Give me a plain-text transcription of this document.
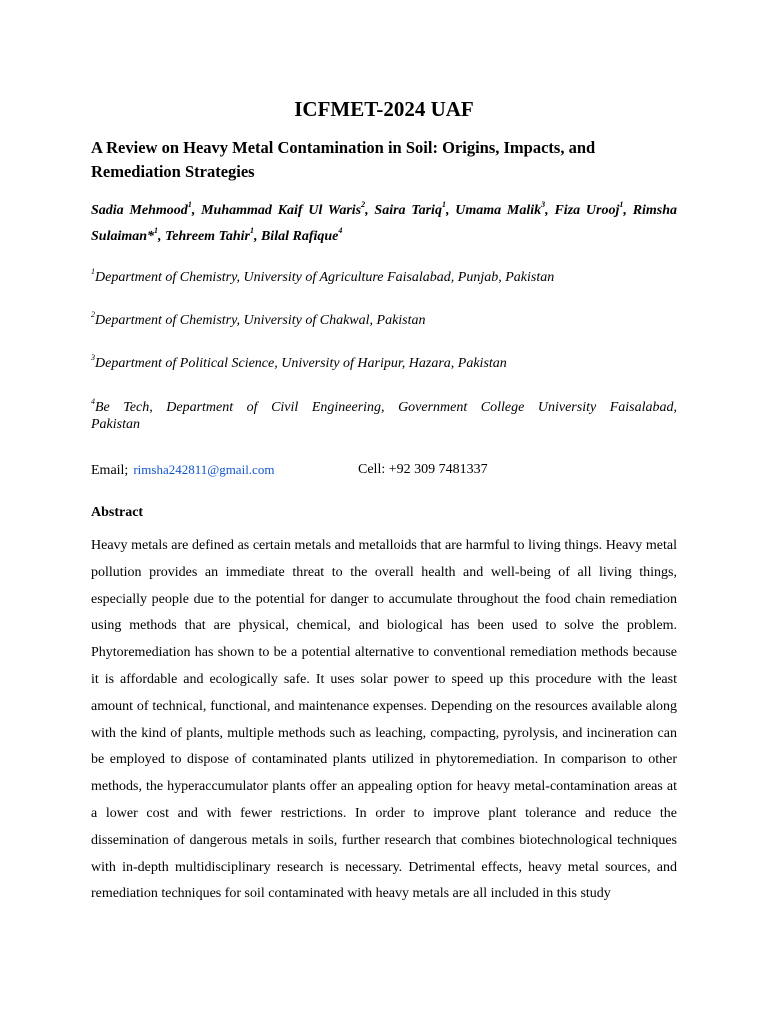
ICFMET-2024 UAF
A Review on Heavy Metal Contamination in Soil: Origins, Impacts, and Remediation Strategies
Sadia Mehmood$^1$, Muhammad Kaif Ul Waris$^2$, Saira Tariq$^1$, Umama Malik$^3$, Fiza Urooj$^1$, Rimsha Sulaiman*$^1$, Tehreem Tahir$^1$, Bilal Rafique$^4$
$^1$Department of Chemistry, University of Agriculture Faisalabad, Punjab, Pakistan
$^2$Department of Chemistry, University of Chakwal, Pakistan
$^3$Department of Political Science, University of Haripur, Hazara, Pakistan
$^4$Be Tech, Department of Civil Engineering, Government College University Faisalabad,
Pakistan
Email; rimsha242811@gmail.com	Cell: +92 309 7481337
Abstract
Heavy metals are defined as certain metals and metalloids that are harmful to living things. Heavy metal pollution provides an immediate threat to the overall health and well-being of all living things, especially people due to the potential for danger to accumulate throughout the food chain remediation using methods that are physical, chemical, and biological has been used to solve the problem. Phytoremediation has shown to be a potential alternative to conventional remediation methods because it is affordable and ecologically safe. It uses solar power to speed up this procedure with the least amount of technical, functional, and maintenance expenses. Depending on the resources available along with the kind of plants, multiple methods such as leaching, compacting, pyrolysis, and incineration can be employed to dispose of contaminated plants utilized in phytoremediation. In comparison to other methods, the hyperaccumulator plants offer an appealing option for heavy metal-contamination areas at a lower cost and with fewer restrictions. In order to improve plant tolerance and reduce the dissemination of dangerous metals in soils, further research that combines biotechnological techniques with in-depth multidisciplinary research is necessary. Detrimental effects, heavy metal sources, and remediation techniques for soil contaminated with heavy metals are all included in this study
